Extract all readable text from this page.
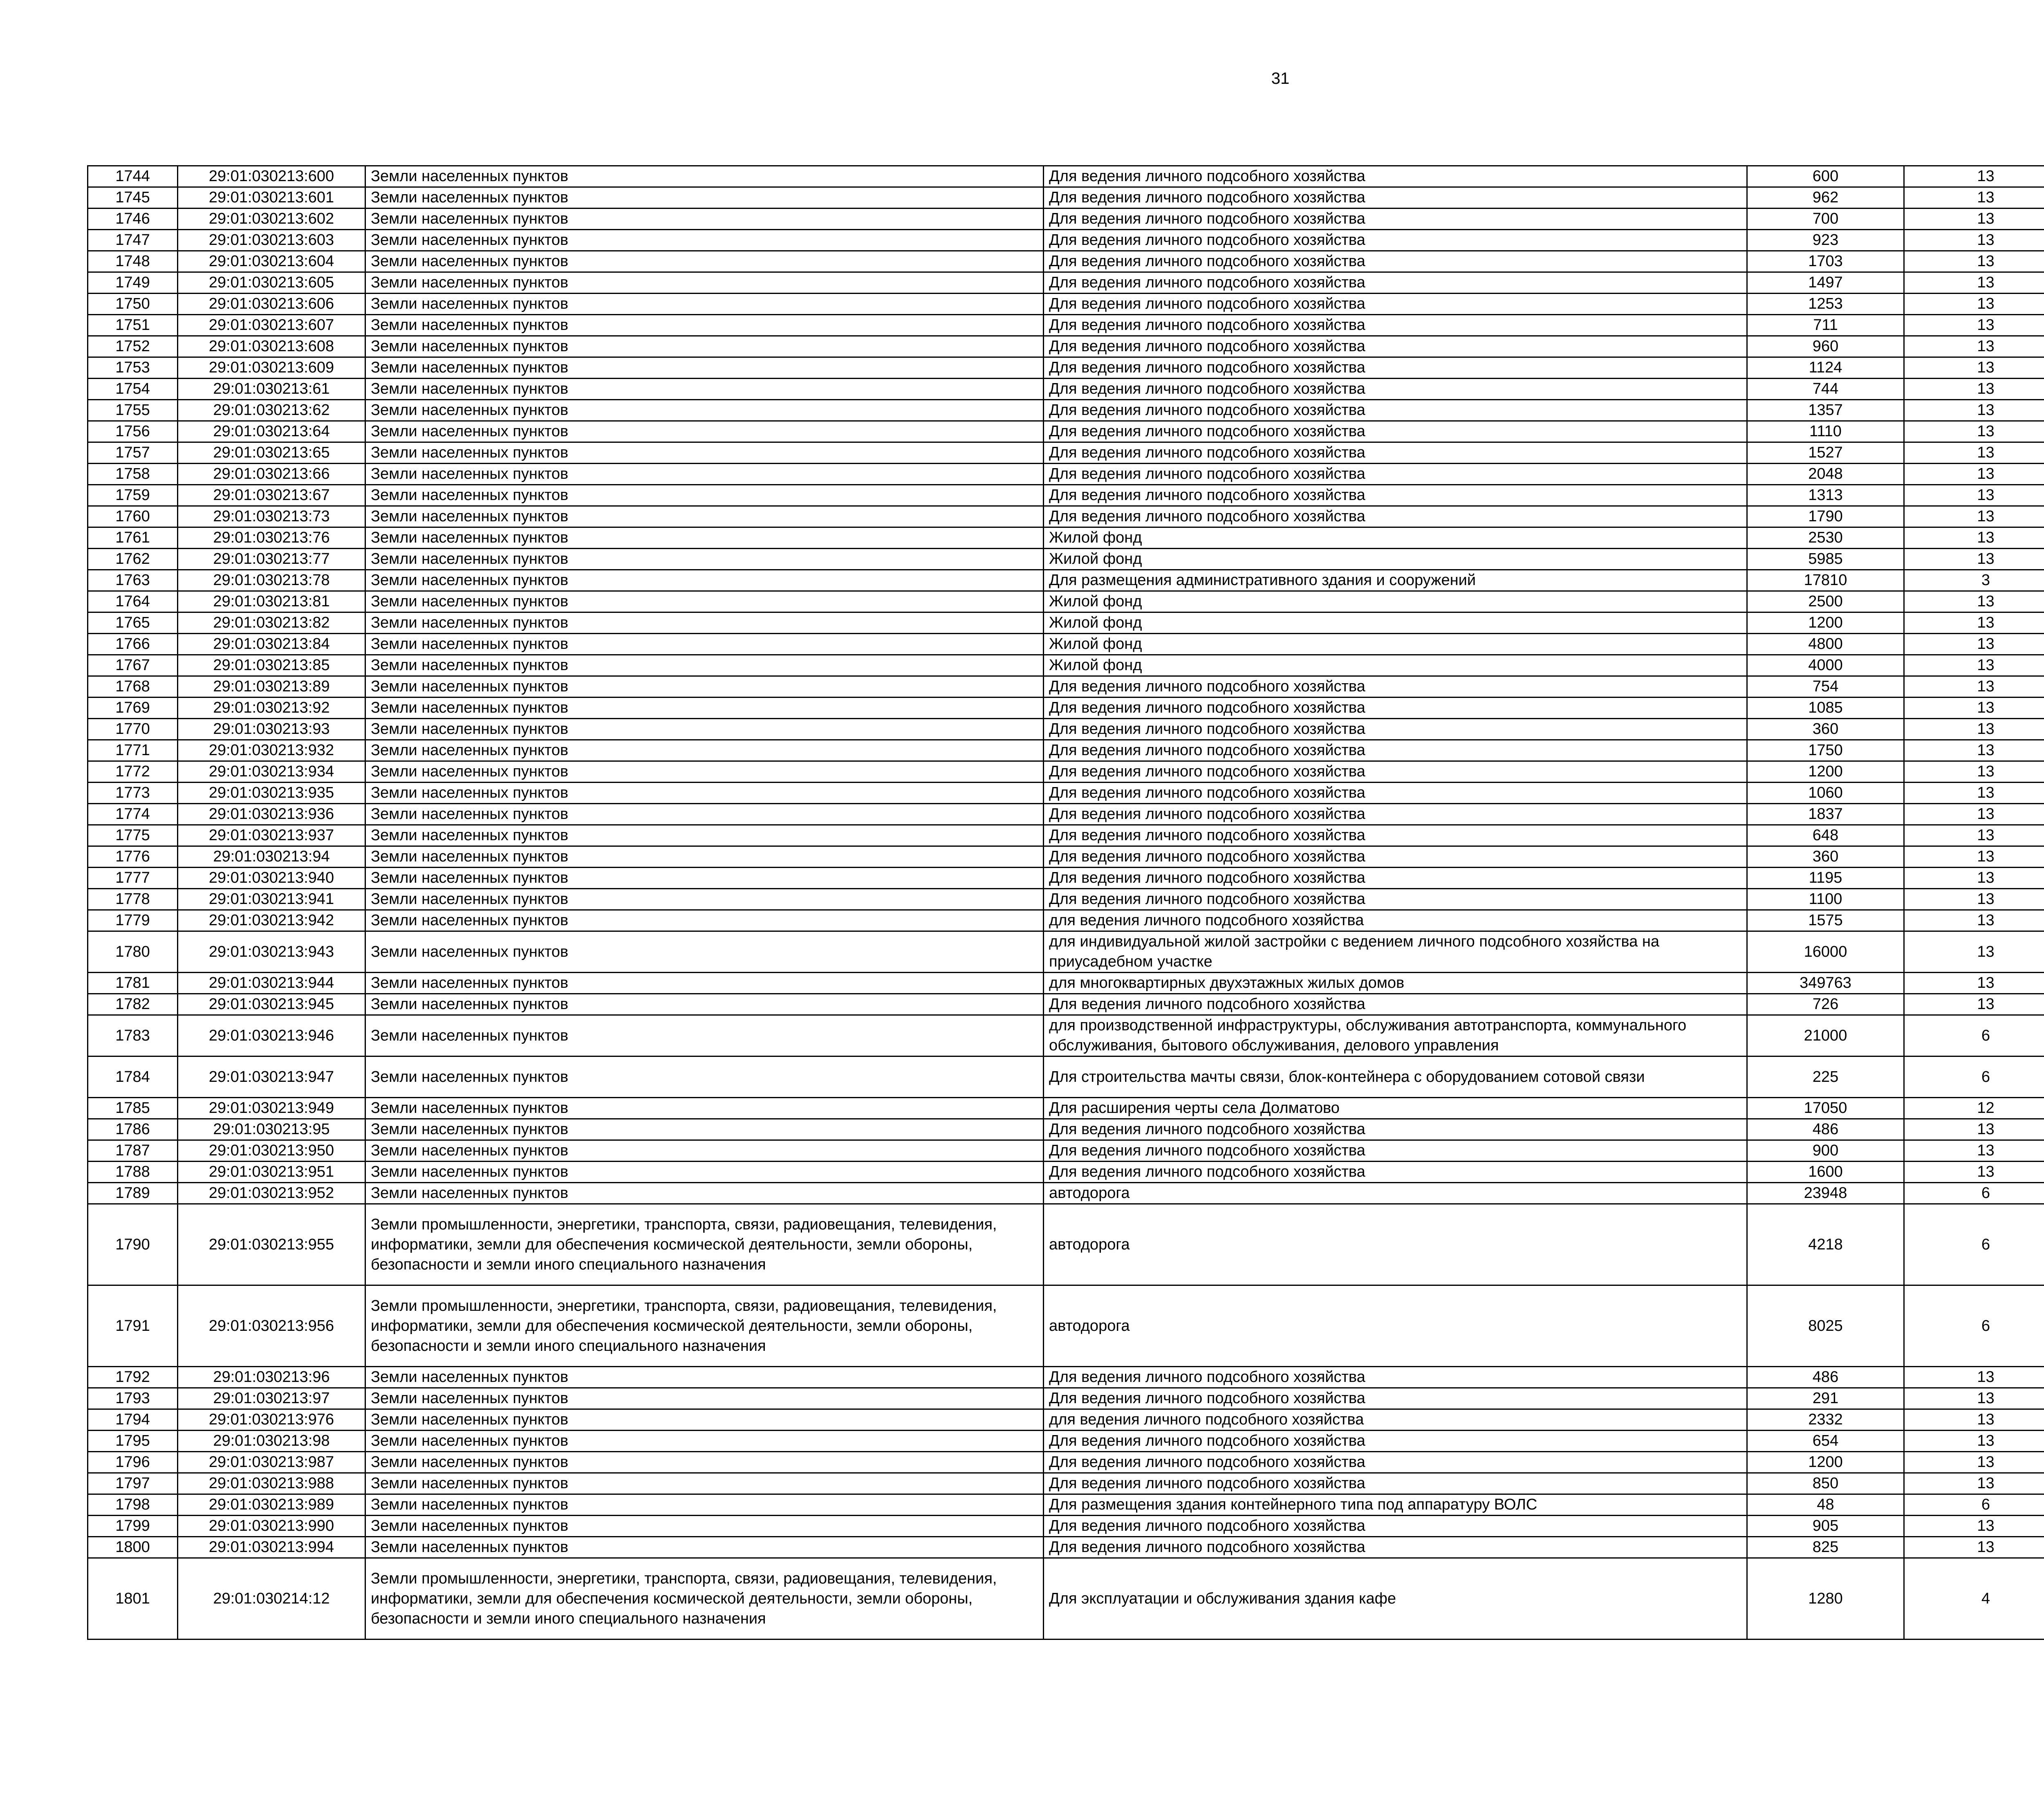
31
1744	29:01:030213:600	Земли населенных пунктов	Для ведения личного подсобного хозяйства	600	13		
1745	29:01:030213:601	Земли населенных пунктов	Для ведения личного подсобного хозяйства	962	13		
1746	29:01:030213:602	Земли населенных пунктов	Для ведения личного подсобного хозяйства	700	13		
1747	29:01:030213:603	Земли населенных пунктов	Для ведения личного подсобного хозяйства	923	13		
1748	29:01:030213:604	Земли населенных пунктов	Для ведения личного подсобного хозяйства	1703	13		
1749	29:01:030213:605	Земли населенных пунктов	Для ведения личного подсобного хозяйства	1497	13		
1750	29:01:030213:606	Земли населенных пунктов	Для ведения личного подсобного хозяйства	1253	13		
1751	29:01:030213:607	Земли населенных пунктов	Для ведения личного подсобного хозяйства	711	13		
1752	29:01:030213:608	Земли населенных пунктов	Для ведения личного подсобного хозяйства	960	13		
1753	29:01:030213:609	Земли населенных пунктов	Для ведения личного подсобного хозяйства	1124	13		
1754	29:01:030213:61	Земли населенных пунктов	Для ведения личного подсобного хозяйства	744	13		
1755	29:01:030213:62	Земли населенных пунктов	Для ведения личного подсобного хозяйства	1357	13		
1756	29:01:030213:64	Земли населенных пунктов	Для ведения личного подсобного хозяйства	1110	13		
1757	29:01:030213:65	Земли населенных пунктов	Для ведения личного подсобного хозяйства	1527	13		
1758	29:01:030213:66	Земли населенных пунктов	Для ведения личного подсобного хозяйства	2048	13		
1759	29:01:030213:67	Земли населенных пунктов	Для ведения личного подсобного хозяйства	1313	13		
1760	29:01:030213:73	Земли населенных пунктов	Для ведения личного подсобного хозяйства	1790	13		
1761	29:01:030213:76	Земли населенных пунктов	Жилой фонд	2530	13		
1762	29:01:030213:77	Земли населенных пунктов	Жилой фонд	5985	13		
1763	29:01:030213:78	Земли населенных пунктов	Для размещения административного здания и сооружений	17810	3		
1764	29:01:030213:81	Земли населенных пунктов	Жилой фонд	2500	13		
1765	29:01:030213:82	Земли населенных пунктов	Жилой фонд	1200	13		
1766	29:01:030213:84	Земли населенных пунктов	Жилой фонд	4800	13		
1767	29:01:030213:85	Земли населенных пунктов	Жилой фонд	4000	13		
1768	29:01:030213:89	Земли населенных пунктов	Для ведения личного подсобного хозяйства	754	13		
1769	29:01:030213:92	Земли населенных пунктов	Для ведения личного подсобного хозяйства	1085	13		
1770	29:01:030213:93	Земли населенных пунктов	Для ведения личного подсобного хозяйства	360	13		
1771	29:01:030213:932	Земли населенных пунктов	Для ведения личного подсобного хозяйства	1750	13		
1772	29:01:030213:934	Земли населенных пунктов	Для ведения личного подсобного хозяйства	1200	13		
1773	29:01:030213:935	Земли населенных пунктов	Для ведения личного подсобного хозяйства	1060	13		
1774	29:01:030213:936	Земли населенных пунктов	Для ведения личного подсобного хозяйства	1837	13		
1775	29:01:030213:937	Земли населенных пунктов	Для ведения личного подсобного хозяйства	648	13		
1776	29:01:030213:94	Земли населенных пунктов	Для ведения личного подсобного хозяйства	360	13		
1777	29:01:030213:940	Земли населенных пунктов	Для ведения личного подсобного хозяйства	1195	13		
1778	29:01:030213:941	Земли населенных пунктов	Для ведения личного подсобного хозяйства	1100	13		
1779	29:01:030213:942	Земли населенных пунктов	для ведения личного подсобного хозяйства	1575	13		
1780	29:01:030213:943	Земли населенных пунктов	для индивидуальной жилой застройки с ведением личного подсобного хозяйства на приусадебном участке	16000	13		
1781	29:01:030213:944	Земли населенных пунктов	для многоквартирных двухэтажных жилых домов	349763	13		
1782	29:01:030213:945	Земли населенных пунктов	Для ведения личного подсобного хозяйства	726	13		
1783	29:01:030213:946	Земли населенных пунктов	для производственной инфраструктуры, обслуживания автотранспорта, коммунального обслуживания, бытового обслуживания, делового управления	21000	6		
1784	29:01:030213:947	Земли населенных пунктов	Для строительства мачты связи, блок-контейнера с оборудованием сотовой связи	225	6		
1785	29:01:030213:949	Земли населенных пунктов	Для расширения черты села Долматово	17050	12		
1786	29:01:030213:95	Земли населенных пунктов	Для ведения личного подсобного хозяйства	486	13		
1787	29:01:030213:950	Земли населенных пунктов	Для ведения личного подсобного хозяйства	900	13		
1788	29:01:030213:951	Земли населенных пунктов	Для ведения личного подсобного хозяйства	1600	13		
1789	29:01:030213:952	Земли населенных пунктов	автодорога	23948	6		
1790	29:01:030213:955	Земли промышленности, энергетики, транспорта, связи, радиовещания, телевидения, информатики, земли для обеспечения космической деятельности, земли обороны, безопасности и земли иного специального назначения	автодорога	4218	6		
1791	29:01:030213:956	Земли промышленности, энергетики, транспорта, связи, радиовещания, телевидения, информатики, земли для обеспечения космической деятельности, земли обороны, безопасности и земли иного специального назначения	автодорога	8025	6		
1792	29:01:030213:96	Земли населенных пунктов	Для ведения личного подсобного хозяйства	486	13		
1793	29:01:030213:97	Земли населенных пунктов	Для ведения личного подсобного хозяйства	291	13		
1794	29:01:030213:976	Земли населенных пунктов	для ведения личного подсобного хозяйства	2332	13		
1795	29:01:030213:98	Земли населенных пунктов	Для ведения личного подсобного хозяйства	654	13		
1796	29:01:030213:987	Земли населенных пунктов	Для ведения личного подсобного хозяйства	1200	13		
1797	29:01:030213:988	Земли населенных пунктов	Для ведения личного подсобного хозяйства	850	13		
1798	29:01:030213:989	Земли населенных пунктов	Для размещения здания контейнерного типа под аппаратуру ВОЛС	48	6		
1799	29:01:030213:990	Земли населенных пунктов	Для ведения личного подсобного хозяйства	905	13		
1800	29:01:030213:994	Земли населенных пунктов	Для ведения личного подсобного хозяйства	825	13		
1801	29:01:030214:12	Земли промышленности, энергетики, транспорта, связи, радиовещания, телевидения, информатики, земли для обеспечения космической деятельности, земли обороны, безопасности и земли иного специального назначения	Для эксплуатации и обслуживания здания кафе	1280	4		
